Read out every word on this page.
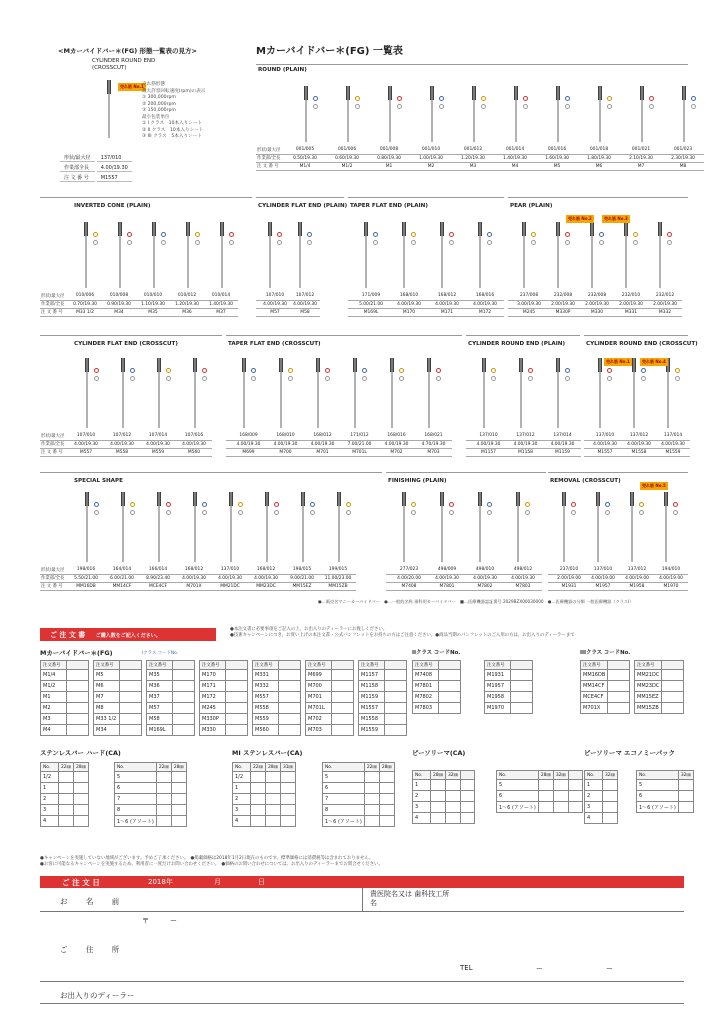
<Mカーバイドバー＊(FG) 形態一覧表の見方>
CYLINDER ROUND END
(CROSSCUT)
売れ筋 No.1
売れ筋形態
最大許容回転速度(rpm)の表示
① 300,000rpm
② 200,000rpm
③ 150,000rpm
最小包装単位
① I クラス　10本入りシート
② II クラス　10本入りシート
③ III クラス　5本入りシート
形状/最大径	137/010
作業部全長	4.00/19.30
注 文 番 号	M1557
Mカーバイドバー＊(FG) 一覧表
ROUND (PLAIN)
形状/最大径	001/005	001/006	001/008	001/010	001/012	001/014	001/016	001/018	001/021	001/023
作業部/全長	0.50/19.30	0.60/19.30	0.80/19.30	1.00/19.30	1.20/19.30	1.40/19.30	1.60/19.30	1.80/19.30	2.10/19.30	2.30/19.30
注 文 番 号	M1/4	M1/2	M1	M2	M3	M4	M5	M6	M7	M8
INVERTED CONE (PLAIN)
形状/最大径	010/006	010/008	010/010	010/012	010/014
作業部/全長	0.70/19.30	0.90/19.30	1.10/19.30	1.20/19.30	1.40/19.30
注 文 番 号	M33 1/2	M34	M35	M36	M37
CYLINDER FLAT END (PLAIN)
	107/010	107/012
	4.00/19.30	4.00/19.30
	M57	M58
TAPER FLAT END (PLAIN)
	171/009	168/010	168/012	168/016
	5.00/21.00	4.00/19.30	4.00/19.30	4.00/19.30
	M169L	M170	M171	M172
PEAR (PLAIN)
	237/008	232/008	232/008	232/010	232/012
	3.00/19.30	2.00/19.30	2.00/19.30	2.00/19.30	2.00/19.30
	M245	M330P	M330	M331	M332
CYLINDER FLAT END (CROSSCUT)
形状/最大径	107/010	107/012	107/014	107/016
作業部/全長	4.00/19.30	4.00/19.30	4.00/19.30	4.00/19.30
注 文 番 号	M557	M558	M559	M560
TAPER FLAT END (CROSSCUT)
	168/009	168/010	168/012	171/012	168/016	168/021
	4.00/19.30	4.00/19.30	4.00/19.30	7.00/21.00	4.00/19.30	4.70/19.30
	M699	M700	M701	M701L	M702	M703
CYLINDER ROUND END (PLAIN)
	137/010	137/012	137/014
	4.00/19.30	4.00/19.30	4.00/19.30
	M1157	M1158	M1159
CYLINDER ROUND END (CROSSCUT)
	137/010	137/012	137/014
	4.00/19.30	4.00/19.30	4.00/19.30
	M1557	M1558	M1559
SPECIAL SHAPE
形状/最大径	198/016	164/014	166/014	168/012	137/010	168/012	198/015	199/015
作業部/全長	5.50/21.00	6.00/21.00	8.90/23.40	4.00/19.30	4.00/19.30	4.00/19.30	9.00/21.00	11.00/23.00
注 文 番 号	MM16DB	MM14CF	MCE4CF	M701X	MM21DC	MM23DC	MM15EZ	MM15ZB
FINISHING (PLAIN)
	277/023	498/009	498/010	498/012
	4.00/20.00	4.00/19.30	4.00/19.30	4.00/19.30
	M7408	M7801	M7802	M7803
REMOVAL (CROSSCUT)
	237/010	137/010	137/012	194/010
	2.00/19.00	4.00/19.00	4.00/19.00	4.00/19.00
	M1931	M1957	M1958	M1970
売れ筋 No.2	売れ筋 No.3
売れ筋 No.1	売れ筋 No.4
売れ筋 No.5
●…販売名マニーカーバイドバー　●…一般的名称 歯科用カーバイドバー　■…医療機器認証番号 2029BZX00030000　●…医療機器の分類 一般医療機器（クラスI）
ご 注 文 書 ご購入数をご記入ください。
●本注文書に必要事項をご記入の上、お出入りのディーラーにお渡しください。
●技術キャンペーンにつき、お買い上げの本注文書・公式パンフレットをお持ちの方はご注意ください。●商品当期のパンフレットのご入用の方は、お出入りのディーラーまで
Mカーバイドバー＊(FG)	Iクラス コードNo.	IIクラス コードNo.	IIIクラス コードNo.
注文番号	
M1/4	
M1/2	
M1	
M2	
M3	
M4	
注文番号	
M5	
M6	
M7	
M8	
M33 1/2	
M34	
注文番号	
M35	
M36	
M37	
M57	
M58	
M169L	
注文番号	
M170	
M171	
M172	
M245	
M330P	
M330	
注文番号	
M331	
M332	
M557	
M558	
M559	
M560	
注文番号	
M699	
M700	
M701	
M701L	
M702	
M703	
注文番号	
M1157	
M1158	
M1159	
M1557	
M1558	
M1559	
注文番号	
M7408	
M7801	
M7802	
M7803	
注文番号	
M1931	
M1957	
M1958	
M1970	
注文番号	
MM16DB	
MM14CF	
MCE4CF	
M701X	
注文番号	
MM21DC	
MM23DC	
MM15EZ	
MM15ZB	
ステンレスバー ハード(CA)	MI ステンレスバー(CA)	ピーソリーマ(CA)	ピーソリーマ エコノミーパック
No.	22㎜	28㎜
1/2		
1		
2		
3		
4		
No.	22㎜	28㎜
5		
6		
7		
8		
1〜6 (アソート)		
No.	22㎜	28㎜	31㎜
1/2			
1			
2			
3			
4			
No.	22㎜	28㎜
5		
6		
7		
8		
1〜6 (アソート)		
No.	28㎜	32㎜	
1			
2			
3			
4			
No.	28㎜	32㎜	
5			
6			
1〜6 (アソート)			
No.	32㎜
1	
2	
3	
4	
No.	32㎜
5	
6	
1〜6 (アソート)	
●キャンペーンを実施していない地域がございます。予めご了承ください。　●掲載価格は2018年1月2日現在のものです。標準価格には消費税等は含まれておりません。
●お客に可能なるキャンペーンを実施するため、利用者に一度だけお問い合わせください。　●価格のお問い合わせについては、お出入りのディーラーまでお問合せください。
ご 注 文 日	2018年	月	日
お 名 前
貴医院名又は 歯科技工所名
〒　　　ー
ご 住 所
TEL	ー	ー
お出入りのディーラー
